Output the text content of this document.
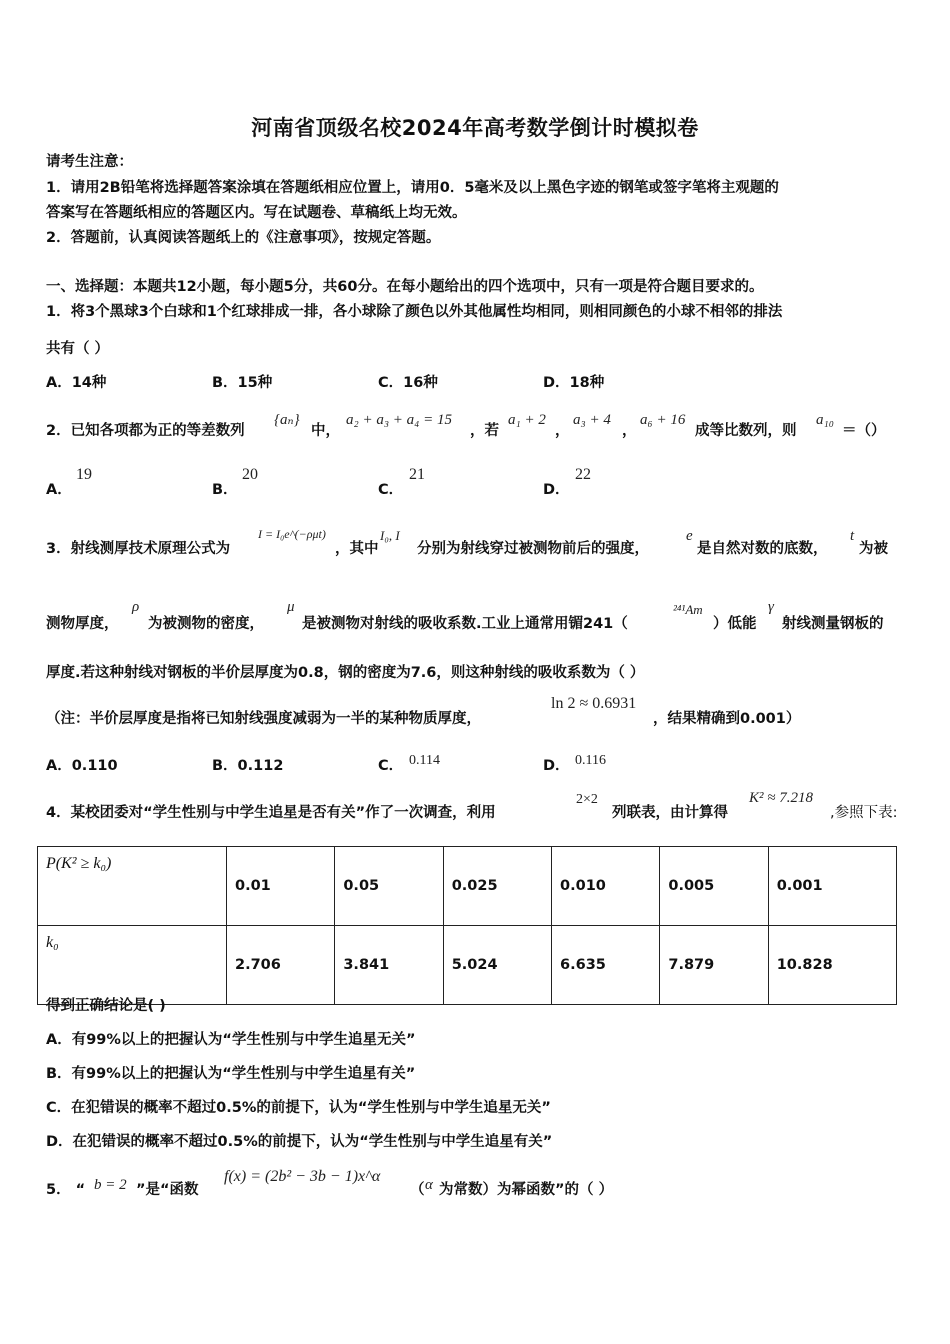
河南省顶级名校2024年高考数学倒计时模拟卷
请考生注意：
1．请用2B铅笔将选择题答案涂填在答题纸相应位置上，请用0．5毫米及以上黑色字迹的钢笔或签字笔将主观题的
答案写在答题纸相应的答题区内。写在试题卷、草稿纸上均无效。
2．答题前，认真阅读答题纸上的《注意事项》，按规定答题。
一、选择题：本题共12小题，每小题5分，共60分。在每小题给出的四个选项中，只有一项是符合题目要求的。
1．将3个黑球3个白球和1个红球排成一排，各小球除了颜色以外其他属性均相同，则相同颜色的小球不相邻的排法
共有（ ）
A．14种	B．15种	C．16种	D．18种
2．已知各项都为正的等差数列
{aₙ}
中，
a₂ + a₃ + a₄ = 15
，若
a₁ + 2
，
a₃ + 4
，
a₆ + 16
成等比数列，则
a₁₀
＝（）
A．
19
B．
20
C．
21
D．
22
3．射线测厚技术原理公式为
I = I₀e^(−ρμt)
，其中
I₀, I
分别为射线穿过被测物前后的强度，
e
是自然对数的底数，
t
为被
测物厚度，
ρ
为被测物的密度，
μ
是被测物对射线的吸收系数.工业上通常用镅241（
²⁴¹Am
）低能
γ
射线测量钢板的
厚度.若这种射线对钢板的半价层厚度为0.8，钢的密度为7.6，则这种射线的吸收系数为（ ）
（注：半价层厚度是指将已知射线强度减弱为一半的某种物质厚度，
ln 2 ≈ 0.6931
，结果精确到0.001）
A．0.110	B．0.112	C． 0.114	D． 0.116
4．某校团委对“学生性别与中学生追星是否有关”作了一次调查，利用
2×2
列联表，由计算得
K² ≈ 7.218
,参照下表:
P(K² ≥ k₀)	0.01	0.05	0.025	0.010	0.005	0.001
k₀	2.706	3.841	5.024	6.635	7.879	10.828
得到正确结论是( )
A．有99%以上的把握认为“学生性别与中学生追星无关”
B．有99%以上的把握认为“学生性别与中学生追星有关”
C．在犯错误的概率不超过0.5%的前提下，认为“学生性别与中学生追星无关”
D．在犯错误的概率不超过0.5%的前提下，认为“学生性别与中学生追星有关”
5． “ b = 2 ”是“函数
f(x) = (2b² − 3b − 1)x^α
（ α 为常数）为幂函数”的（ ）
